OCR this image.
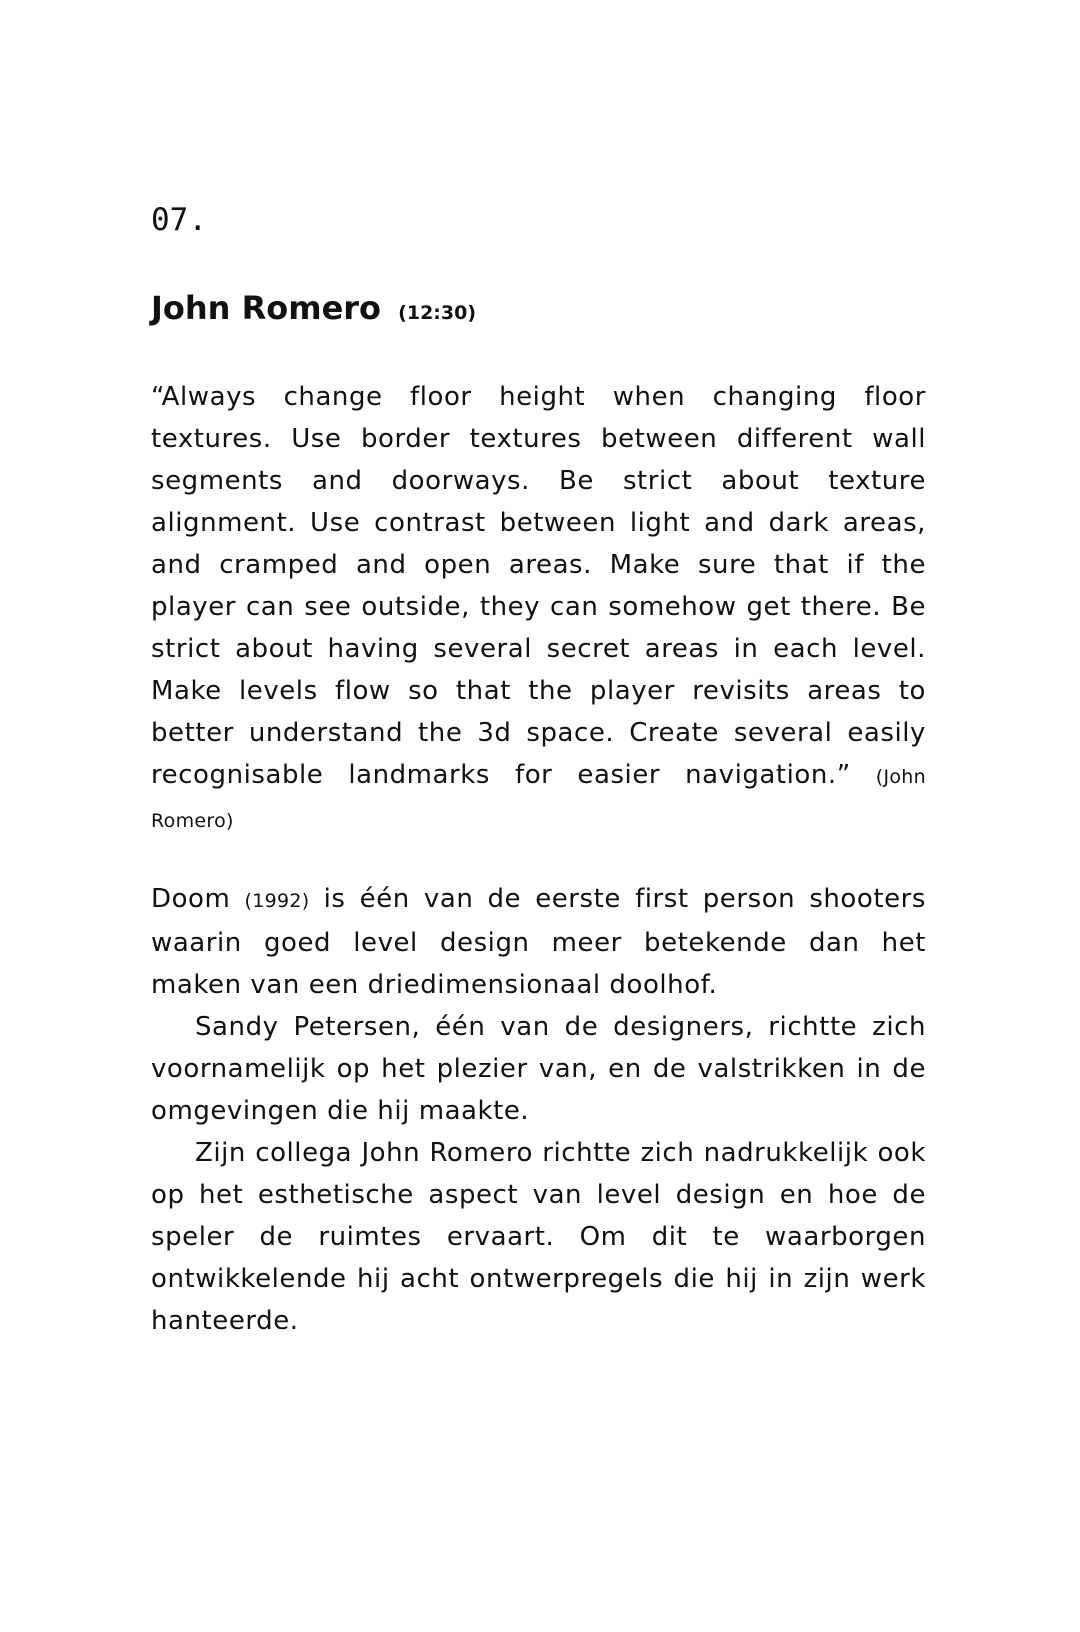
07.
John Romero (12:30)

“Always change floor height when changing floor textures. Use border textures between different wall segments and doorways. Be strict about texture alignment. Use contrast between light and dark areas, and cramped and open areas. Make sure that if the player can see outside, they can somehow get there. Be strict about having several secret areas in each level. Make levels flow so that the player revisits areas to better understand the 3d space. Create several easily recognisable landmarks for easier navigation.” (John Romero)

Doom (1992) is één van de eerste first person shooters waarin goed level design meer betekende dan het maken van een driedimensionaal doolhof.

Sandy Petersen, één van de designers, richtte zich voornamelijk op het plezier van, en de valstrikken in de omgevingen die hij maakte.

Zijn collega John Romero richtte zich nadrukkelijk ook op het esthetische aspect van level design en hoe de speler de ruimtes ervaart. Om dit te waarborgen ontwikkelende hij acht ontwerpregels die hij in zijn werk hanteerde.
